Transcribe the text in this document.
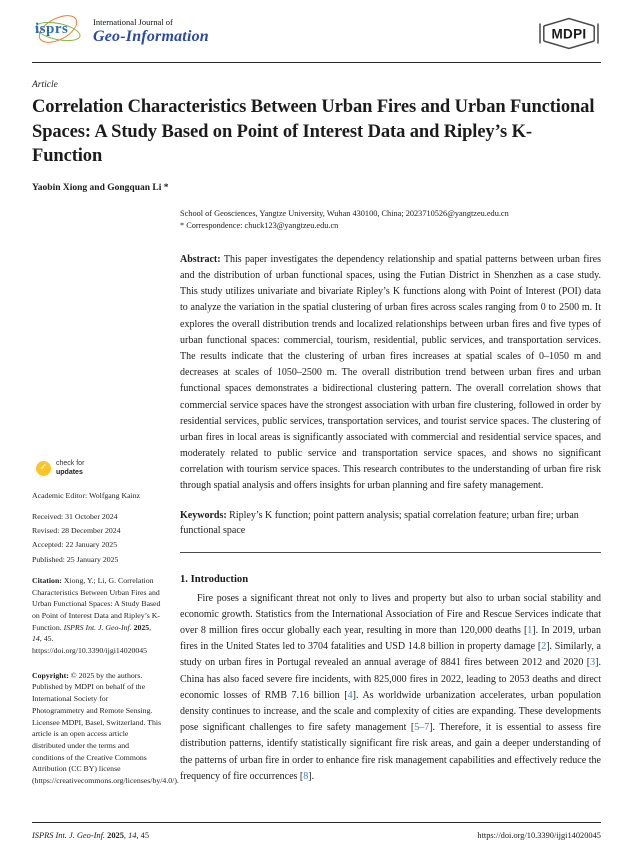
isprs	International Journal of
Geo-Information	MDPI
Article
Correlation Characteristics Between Urban Fires and Urban Functional Spaces: A Study Based on Point of Interest Data and Ripley’s K-Function
Yaobin Xiong and Gongquan Li *
✓	check for
updates
Academic Editor: Wolfgang Kainz
Received: 31 October 2024
Revised: 28 December 2024
Accepted: 22 January 2025
Published: 25 January 2025
Citation: Xiong, Y.; Li, G. Correlation Characteristics Between Urban Fires and Urban Functional Spaces: A Study Based on Point of Interest Data and Ripley’s K-Function. ISPRS Int. J. Geo-Inf. 2025, 14, 45. https://doi.org/10.3390/ijgi14020045
Copyright: © 2025 by the authors. Published by MDPI on behalf of the International Society for Photogrammetry and Remote Sensing. Licensee MDPI, Basel, Switzerland. This article is an open access article distributed under the terms and conditions of the Creative Commons Attribution (CC BY) license (https://creativecommons.org/licenses/by/4.0/).
School of Geosciences, Yangtze University, Wuhan 430100, China; 2023710526@yangtzeu.edu.cn
* Correspondence: chuck123@yangtzeu.edu.cn
Abstract: This paper investigates the dependency relationship and spatial patterns between urban fires and the distribution of urban functional spaces, using the Futian District in Shenzhen as a case study. This study utilizes univariate and bivariate Ripley’s K functions along with Point of Interest (POI) data to analyze the variation in the spatial clustering of urban fires across scales ranging from 0 to 2500 m. It explores the overall distribution trends and localized relationships between urban fires and five types of urban functional spaces: commercial, tourism, residential, public services, and transportation services. The results indicate that the clustering of urban fires increases at spatial scales of 0–1050 m and decreases at scales of 1050–2500 m. The overall distribution trend between urban fires and urban functional spaces demonstrates a bidirectional clustering pattern. The overall correlation shows that commercial service spaces have the strongest association with urban fire clustering, followed in order by residential services, public services, transportation services, and tourist service spaces. The clustering of urban fires in local areas is significantly associated with commercial and residential service spaces, and moderately related to public service and transportation service spaces, and shows no significant correlation with tourism service spaces. This research contributes to the understanding of urban fire risk through spatial analysis and offers insights for urban planning and fire safety management.
Keywords: Ripley’s K function; point pattern analysis; spatial correlation feature; urban fire; urban functional space
1. Introduction
Fire poses a significant threat not only to lives and property but also to urban social stability and economic growth. Statistics from the International Association of Fire and Rescue Services indicate that over 8 million fires occur globally each year, resulting in more than 120,000 deaths [1]. In 2019, urban fires in the United States led to 3704 fatalities and USD 14.8 billion in property damage [2]. Similarly, a study on urban fires in Portugal revealed an annual average of 8841 fires between 2012 and 2020 [3]. China has also faced severe fire incidents, with 825,000 fires in 2022, leading to 2053 deaths and direct economic losses of RMB 7.16 billion [4]. As worldwide urbanization accelerates, urban population density continues to increase, and the scale and complexity of cities are expanding. These developments pose significant challenges to fire safety management [5–7]. Therefore, it is essential to assess fire distribution patterns, identify statistically significant fire risk areas, and gain a deeper understanding of the patterns of urban fire in order to enhance fire risk management capabilities and effectively reduce the frequency of fire occurrences [8].
ISPRS Int. J. Geo-Inf. 2025, 14, 45	https://doi.org/10.3390/ijgi14020045
